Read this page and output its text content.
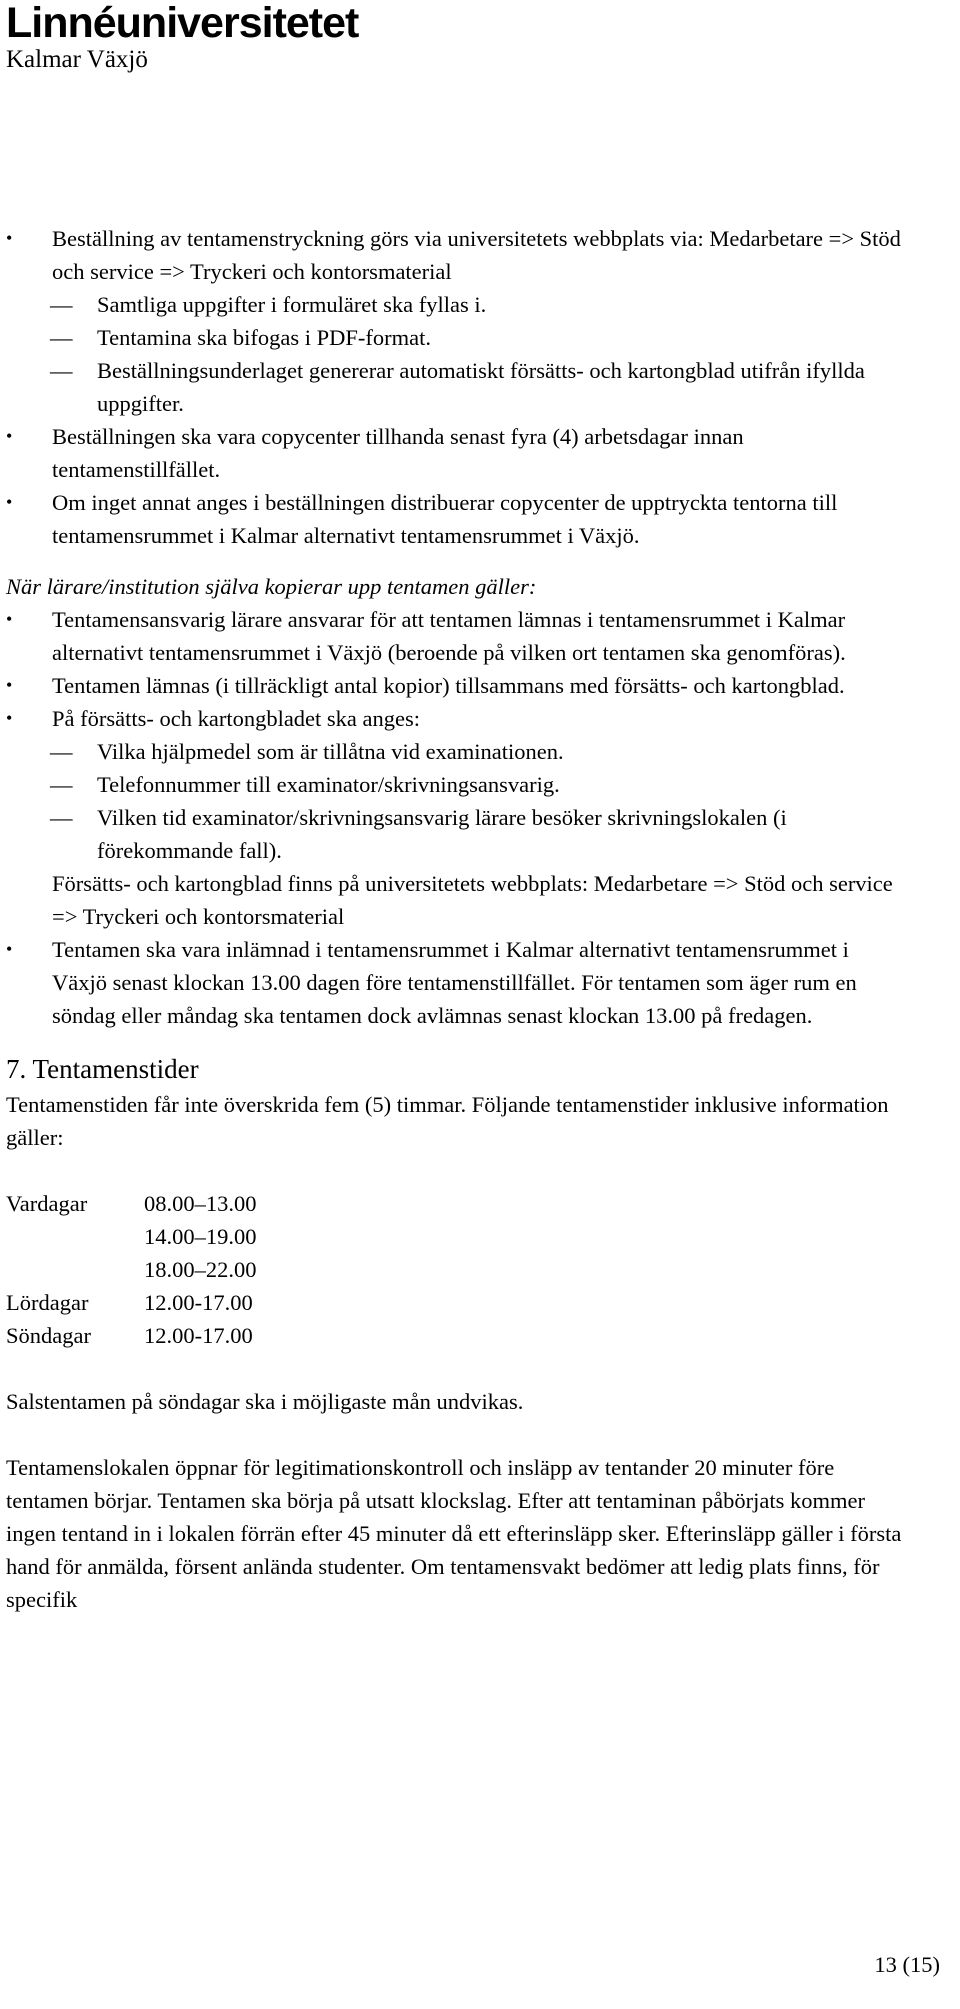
Linnéuniversitetet
Kalmar Växjö
•	Beställning av tentamenstryckning görs via universitetets webbplats via: Medarbetare => Stöd och service => Tryckeri och kontorsmaterial
— Samtliga uppgifter i formuläret ska fyllas i.
— Tentamina ska bifogas i PDF-format.
— Beställningsunderlaget genererar automatiskt försätts- och kartongblad utifrån ifyllda uppgifter.
•	Beställningen ska vara copycenter tillhanda senast fyra (4) arbetsdagar innan tentamenstillfället.
•	Om inget annat anges i beställningen distribuerar copycenter de upptryckta tentorna till tentamensrummet i Kalmar alternativt tentamensrummet i Växjö.
När lärare/institution själva kopierar upp tentamen gäller:
•	Tentamensansvarig lärare ansvarar för att tentamen lämnas i tentamensrummet i Kalmar alternativt tentamensrummet i Växjö (beroende på vilken ort tentamen ska genomföras).
•	Tentamen lämnas (i tillräckligt antal kopior) tillsammans med försätts- och kartongblad.
•	På försätts- och kartongbladet ska anges:
— Vilka hjälpmedel som är tillåtna vid examinationen.
— Telefonnummer till examinator/skrivningsansvarig.
— Vilken tid examinator/skrivningsansvarig lärare besöker skrivningslokalen (i förekommande fall).
Försätts- och kartongblad finns på universitetets webbplats: Medarbetare => Stöd och service => Tryckeri och kontorsmaterial
•	Tentamen ska vara inlämnad i tentamensrummet i Kalmar alternativt tentamensrummet i Växjö senast klockan 13.00 dagen före tentamenstillfället. För tentamen som äger rum en söndag eller måndag ska tentamen dock avlämnas senast klockan 13.00 på fredagen.
7. Tentamenstider
Tentamenstiden får inte överskrida fem (5) timmar. Följande tentamenstider inklusive information gäller:
Vardagar	08.00–13.00
	14.00–19.00
	18.00–22.00
Lördagar	12.00-17.00
Söndagar	12.00-17.00
Salstentamen på söndagar ska i möjligaste mån undvikas.
Tentamenslokalen öppnar för legitimationskontroll och insläpp av tentander 20 minuter före tentamen börjar. Tentamen ska börja på utsatt klockslag. Efter att tentaminan påbörjats kommer ingen tentand in i lokalen förrän efter 45 minuter då ett efterinsläpp sker. Efterinsläpp gäller i första hand för anmälda, försent anlända studenter. Om tentamensvakt bedömer att ledig plats finns, för specifik
13 (15)
